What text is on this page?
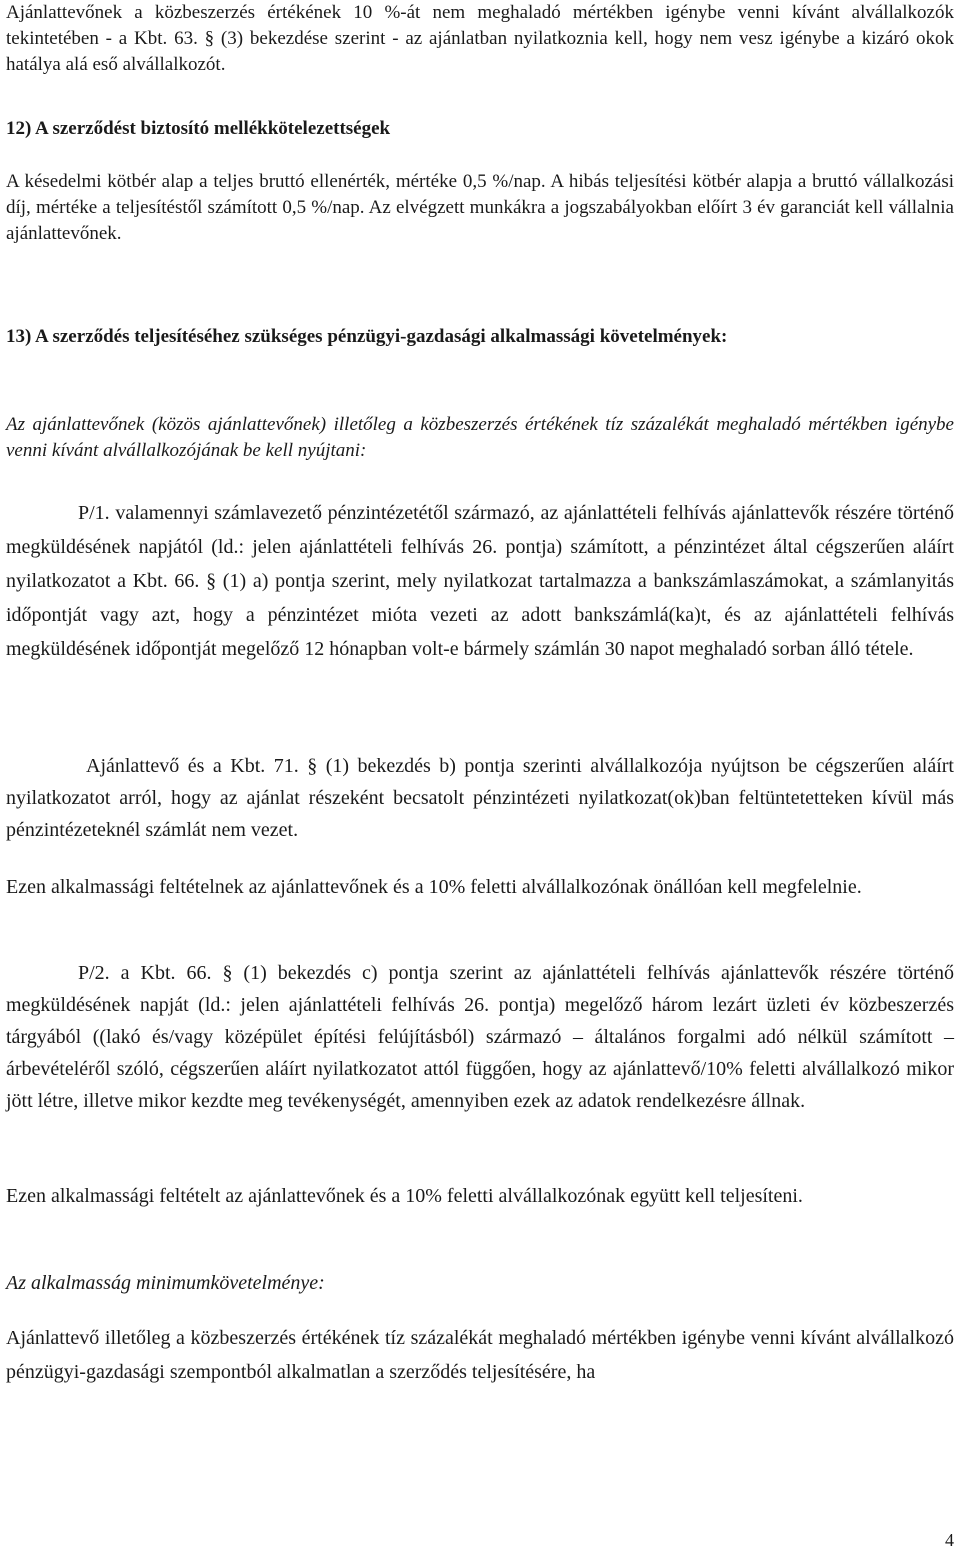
Ajánlattevőnek a közbeszerzés értékének 10 %-át nem meghaladó mértékben igénybe venni kívánt alvállalkozók tekintetében - a Kbt. 63. § (3) bekezdése szerint - az ajánlatban nyilatkoznia kell, hogy nem vesz igénybe a kizáró okok hatálya alá eső alvállalkozót.

12) A szerződést biztosító mellékkötelezettségek

A késedelmi kötbér alap a teljes bruttó ellenérték, mértéke 0,5 %/nap. A hibás teljesítési kötbér alapja a bruttó vállalkozási díj, mértéke a teljesítéstől számított 0,5 %/nap. Az elvégzett munkákra a jogszabályokban előírt 3 év garanciát kell vállalnia ajánlattevőnek.

13) A szerződés teljesítéséhez szükséges pénzügyi-gazdasági alkalmassági követelmények:

Az ajánlattevőnek (közös ajánlattevőnek) illetőleg a közbeszerzés értékének tíz százalékát meghaladó mértékben igénybe venni kívánt alvállalkozójának be kell nyújtani:

P/1. valamennyi számlavezető pénzintézetétől származó, az ajánlattételi felhívás ajánlattevők részére történő megküldésének napjától (ld.: jelen ajánlattételi felhívás 26. pontja) számított, a pénzintézet által cégszerűen aláírt nyilatkozatot a Kbt. 66. § (1) a) pontja szerint, mely nyilatkozat tartalmazza a bankszámlaszámokat, a számlanyitás időpontját vagy azt, hogy a pénzintézet mióta vezeti az adott bankszámlá(ka)t, és az ajánlattételi felhívás megküldésének időpontját megelőző 12 hónapban volt-e bármely számlán 30 napot meghaladó sorban álló tétele.

Ajánlattevő és a Kbt. 71. § (1) bekezdés b) pontja szerinti alvállalkozója nyújtson be cégszerűen aláírt nyilatkozatot arról, hogy az ajánlat részeként becsatolt pénzintézeti nyilatkozat(ok)ban feltüntetetteken kívül más pénzintézeteknél számlát nem vezet.

Ezen alkalmassági feltételnek az ajánlattevőnek és a 10% feletti alvállalkozónak önállóan kell megfelelnie.

P/2. a Kbt. 66. § (1) bekezdés c) pontja szerint az ajánlattételi felhívás ajánlattevők részére történő megküldésének napját (ld.: jelen ajánlattételi felhívás 26. pontja) megelőző három lezárt üzleti év közbeszerzés tárgyából ((lakó és/vagy középület építési felújításból) származó – általános forgalmi adó nélkül számított – árbevételéről szóló, cégszerűen aláírt nyilatkozatot attól függően, hogy az ajánlattevő/10% feletti alvállalkozó mikor jött létre, illetve mikor kezdte meg tevékenységét, amennyiben ezek az adatok rendelkezésre állnak.

Ezen alkalmassági feltételt az ajánlattevőnek és a 10% feletti alvállalkozónak együtt kell teljesíteni.

Az alkalmasság minimumkövetelménye:

Ajánlattevő illetőleg a közbeszerzés értékének tíz százalékát meghaladó mértékben igénybe venni kívánt alvállalkozó pénzügyi-gazdasági szempontból alkalmatlan a szerződés teljesítésére, ha

4
